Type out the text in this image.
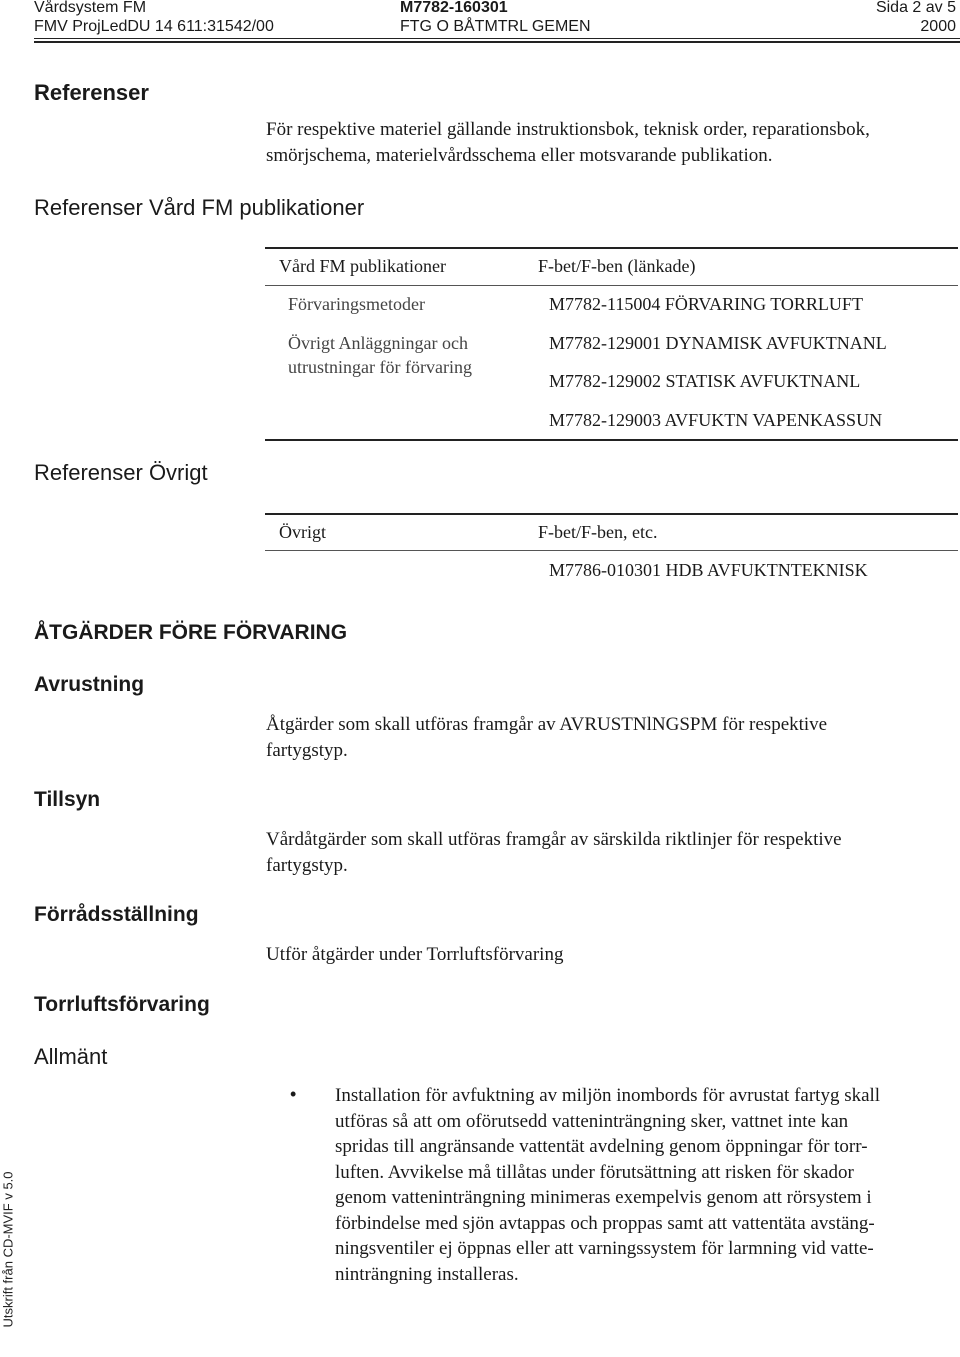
Vårdsystem FM
FMV ProjLedDU 14 611:31542/00
M7782-160301
FTG O BÅTMTRL GEMEN
Sida 2 av 5
2000
Referenser
För respektive materiel gällande instruktionsbok, teknisk order, reparationsbok,
smörjschema, materielvårdsschema eller motsvarande publikation.
Referenser Vård FM publikationer
Vård FM publikationer	F-bet/F-ben (länkade)
Förvaringsmetoder
Övrigt Anläggningar och
utrustningar för förvaring
M7782-115004 FÖRVARING TORRLUFT
M7782-129001 DYNAMISK AVFUKTNANL
M7782-129002 STATISK AVFUKTNANL
M7782-129003 AVFUKTN VAPENKASSUN
Referenser Övrigt
Övrigt	F-bet/F-ben, etc.
M7786-010301 HDB AVFUKTNTEKNISK
ÅTGÄRDER FÖRE FÖRVARING
Avrustning
Åtgärder som skall utföras framgår av AVRUSTNlNGSPM för respektive
fartygstyp.
Tillsyn
Vårdåtgärder som skall utföras framgår av särskilda riktlinjer för respektive
fartygstyp.
Förrådsställning
Utför åtgärder under Torrluftsförvaring
Torrluftsförvaring
Allmänt
• Installation för avfuktning av miljön inombords för avrustat fartyg skall
utföras så att om oförutsedd vatteninträngning sker, vattnet inte kan
spridas till angränsande vattentät avdelning genom öppningar för torr-
luften. Avvikelse må tillåtas under förutsättning att risken för skador
genom vatteninträngning minimeras exempelvis genom att rörsystem i
förbindelse med sjön avtappas och proppas samt att vattentäta avstäng-
ningsventiler ej öppnas eller att varningssystem för larmning vid vatte-
ninträngning installeras.
Utskrift från CD-MVIF v 5.0
